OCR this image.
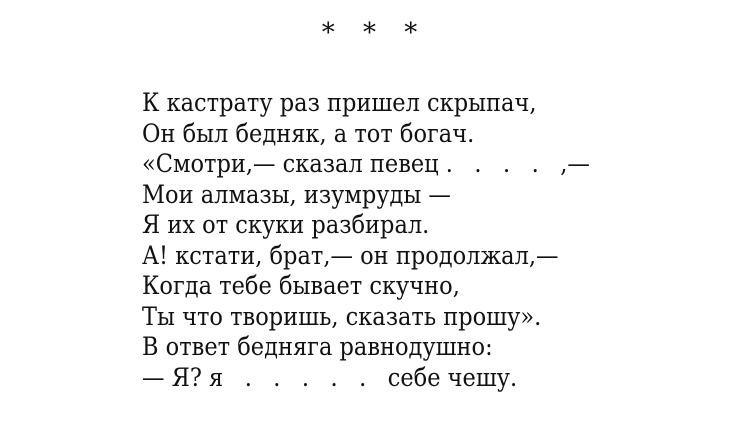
* * *

К кастрату раз пришел скрыпач,

Он был бедняк, а тот богач.

«Смотри,— сказал певец .   .   .   .   ,—

Мои алмазы, изумруды —

Я их от скуки разбирал.

А! кстати, брат,— он продолжал,—

Когда тебе бывает скучно,

Ты что творишь, сказать прошу».

В ответ бедняга равнодушно:

— Я? я   .   .   .   .   .   себе чешу.
